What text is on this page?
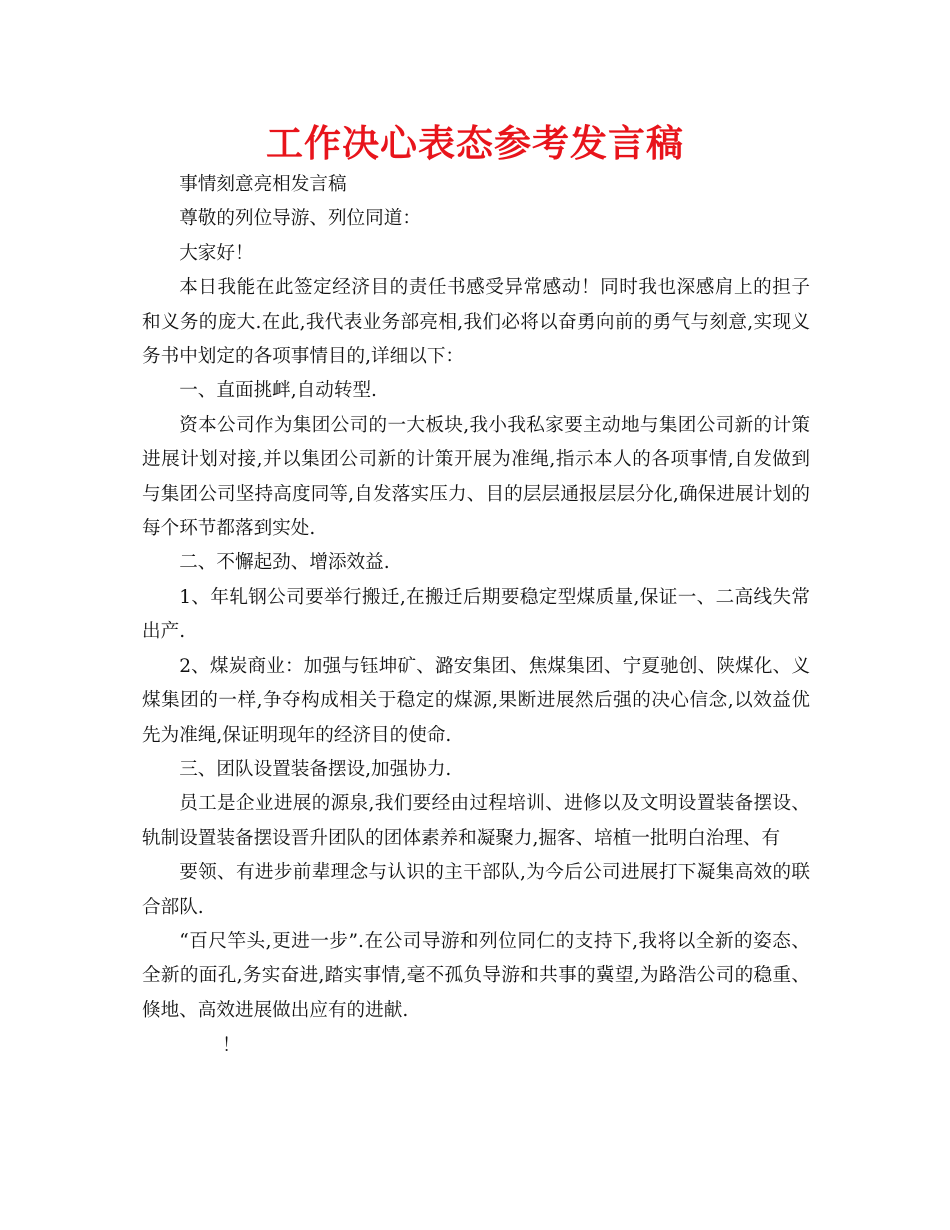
工作决心表态参考发言稿

事情刻意亮相发言稿

尊敬的列位导游、列位同道：

大家好！

本日我能在此签定经济目的责任书感受异常感动！同时我也深感肩上的担子和义务的庞大.在此,我代表业务部亮相,我们必将以奋勇向前的勇气与刻意,实现义务书中划定的各项事情目的,详细以下：

一、直面挑衅,自动转型.

资本公司作为集团公司的一大板块,我小我私家要主动地与集团公司新的计策进展计划对接,并以集团公司新的计策开展为准绳,指示本人的各项事情,自发做到与集团公司坚持高度同等,自发落实压力、目的层层通报层层分化,确保进展计划的每个环节都落到实处.

二、不懈起劲、增添效益.

1、年轧钢公司要举行搬迁,在搬迁后期要稳定型煤质量,保证一、二高线失常出产.

2、煤炭商业：加强与钰坤矿、潞安集团、焦煤集团、宁夏驰创、陕煤化、义煤集团的一样,争夺构成相关于稳定的煤源,果断进展然后强的决心信念,以效益优先为准绳,保证明现年的经济目的使命.

三、团队设置装备摆设,加强协力.

员工是企业进展的源泉,我们要经由过程培训、进修以及文明设置装备摆设、轨制设置装备摆设晋升团队的团体素养和凝聚力,掘客、培植一批明白治理、有

要领、有进步前辈理念与认识的主干部队,为今后公司进展打下凝集高效的联合部队.

“百尺竿头,更进一步”.在公司导游和列位同仁的支持下,我将以全新的姿态、全新的面孔,务实奋进,踏实事情,毫不孤负导游和共事的冀望,为路浩公司的稳重、倏地、高效进展做出应有的进献.

！
